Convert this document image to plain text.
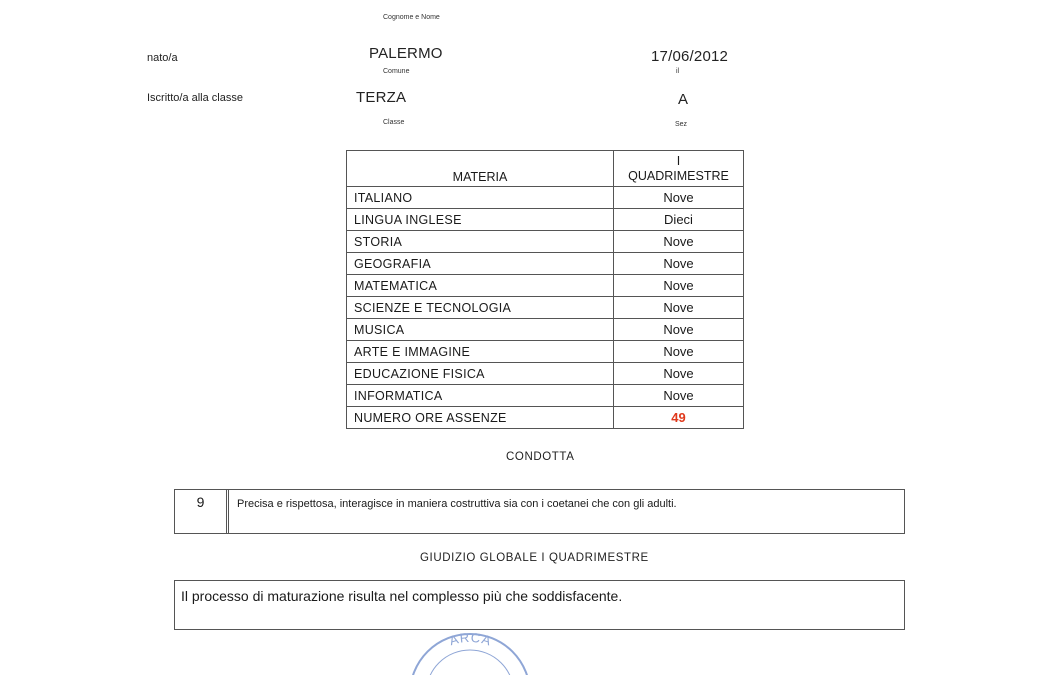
Cognome e Nome
nato/a	PALERMO
Comune
17/06/2012
il
Iscritto/a alla classe	TERZA
Classe
A
Sez
MATERIA	I
QUADRIMESTRE

ITALIANO	Nove
LINGUA INGLESE	Dieci
STORIA	Nove
GEOGRAFIA	Nove
MATEMATICA	Nove
SCIENZE E TECNOLOGIA	Nove
MUSICA	Nove
ARTE E IMMAGINE	Nove
EDUCAZIONE FISICA	Nove
INFORMATICA	Nove
NUMERO ORE ASSENZE	49
CONDOTTA
9	Precisa e rispettosa, interagisce in maniera costruttiva sia con i coetanei che con gli adulti.
GIUDIZIO GLOBALE I QUADRIMESTRE
Il processo di maturazione risulta nel complesso più che soddisfacente.
ARCA
